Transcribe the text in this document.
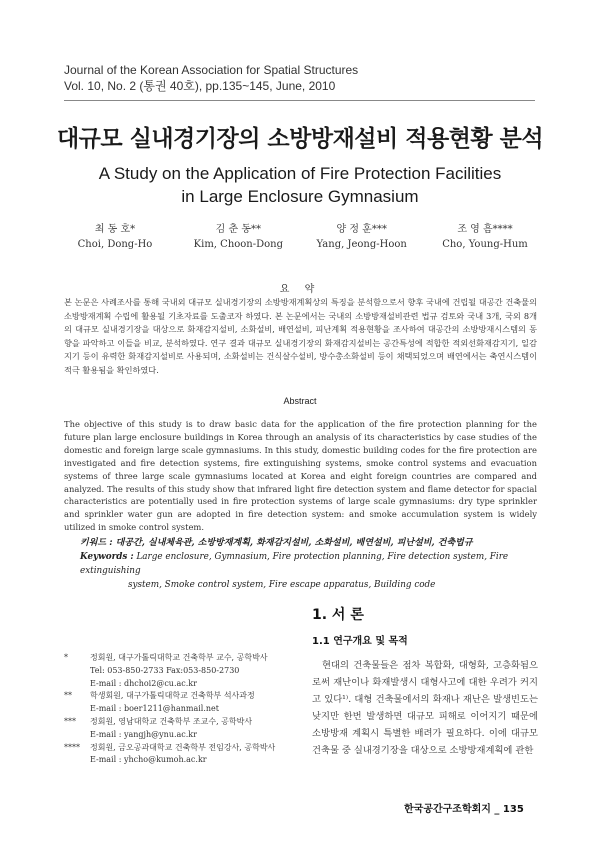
Journal of the Korean Association for Spatial Structures
Vol. 10, No. 2 (통권 40호), pp.135~145, June, 2010
대규모 실내경기장의 소방방재설비 적용현황 분석
A Study on the Application of Fire Protection Facilities
in Large Enclosure Gymnasium
최 동 호*
Choi, Dong-Ho
김 춘 동**
Kim, Choon-Dong
양 정 훈***
Yang, Jeong-Hoon
조 영 흠****
Cho, Young-Hum
요 약
본 논문은 사례조사를 통해 국내외 대규모 실내경기장의 소방방재계획상의 특징을 분석함으로서 향후 국내에 건립될 대공간 건축물의 소방방재계획 수립에 활용될 기초자료를 도출코자 하였다. 본 논문에서는 국내의 소방방재설비관련 법규 검토와 국내 3개, 국외 8개의 대규모 실내경기장을 대상으로 화재감지설비, 소화설비, 배연설비, 피난계획 적용현황을 조사하여 대공간의 소방방재시스템의 동향을 파악하고 이들을 비교, 분석하였다. 연구 결과 대규모 실내경기장의 화재감지설비는 공간특성에 적합한 적외선화재감지기, 일감지기 등이 유력한 화재감지설비로 사용되며, 소화설비는 건식살수설비, 방수총소화설비 등이 채택되었으며 배연에서는 축연시스템이 적극 활용됨을 확인하였다.
Abstract
The objective of this study is to draw basic data for the application of the fire protection planning for the future plan large enclosure buildings in Korea through an analysis of its characteristics by case studies of the domestic and foreign large scale gymnasiums. In this study, domestic building codes for the fire protection are investigated and fire detection systems, fire extinguishing systems, smoke control systems and evacuation systems of three large scale gymnasiums located at Korea and eight foreign countries are compared and analyzed. The results of this study show that infrared light fire detection system and flame detector for spacial characteristics are potentially used in fire protection systems of large scale gymnasiums: dry type sprinkler and sprinkler water gun are adopted in fire detection system: and smoke accumulation system is widely utilized in smoke control system.
키워드 : 대공간, 실내체육관, 소방방재계획, 화재감지설비, 소화설비, 배연설비, 피난설비, 건축법규
Keywords : Large enclosure, Gymnasium, Fire protection planning, Fire detection system, Fire extinguishing
system, Smoke control system, Fire escape apparatus, Building code
*	정회원, 대구가톨릭대학교 건축학부 교수, 공학박사
Tel: 053-850-2733 Fax:053-850-2730
E-mail : dhchoi2@cu.ac.kr
** 학생회원, 대구가톨릭대학교 건축학부 석사과정
E-mail : boer1211@hanmail.net
*** 정회원, 영남대학교 건축학부 조교수, 공학박사
E-mail : yangjh@ynu.ac.kr
**** 정회원, 금오공과대학교 건축학부 전임강사, 공학박사
E-mail : yhcho@kumoh.ac.kr
1. 서 론
1.1 연구개요 및 목적
현대의 건축물들은 점차 복합화, 대형화, 고층화됨으로써 재난이나 화재발생시 대형사고에 대한 우려가 커지고 있다¹⁾. 대형 건축물에서의 화재나 재난은 발생빈도는 낮지만 한번 발생하면 대규모 피해로 이어지기 때문에 소방방재 계획시 특별한 배려가 필요하다. 이에 대규모 건축물 중 실내경기장을 대상으로 소방방재계획에 관한
한국공간구조학회지 _ 135
